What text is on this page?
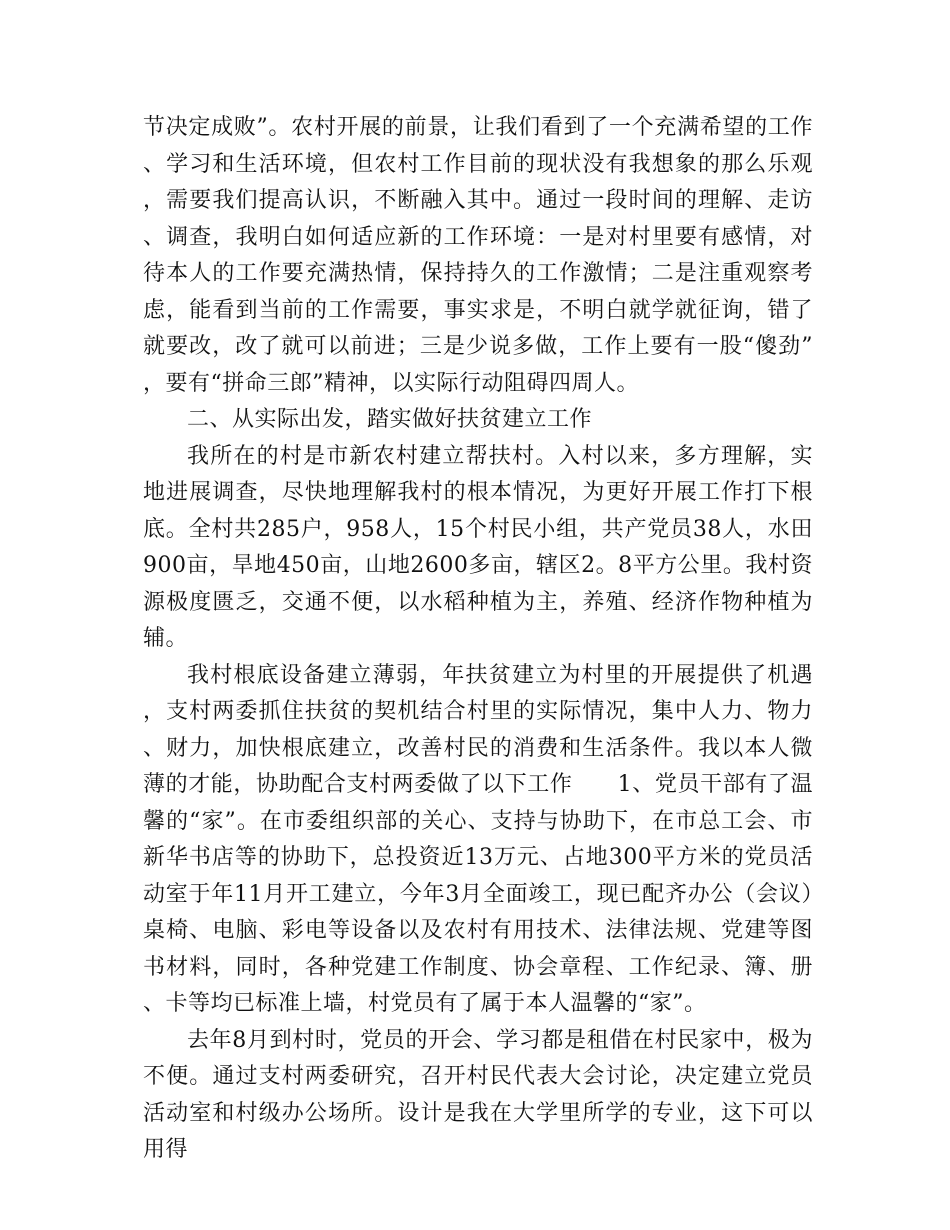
节决定成败”。农村开展的前景，让我们看到了一个充满希望的工作、学习和生活环境，但农村工作目前的现状没有我想象的那么乐观，需要我们提高认识，不断融入其中。通过一段时间的理解、走访、调查，我明白如何适应新的工作环境：一是对村里要有感情，对待本人的工作要充满热情，保持持久的工作激情；二是注重观察考虑，能看到当前的工作需要，事实求是，不明白就学就征询，错了就要改，改了就可以前进；三是少说多做，工作上要有一股“傻劲”，要有“拼命三郎”精神，以实际行动阻碍四周人。

二、从实际出发，踏实做好扶贫建立工作

我所在的村是市新农村建立帮扶村。入村以来，多方理解，实地进展调查，尽快地理解我村的根本情况，为更好开展工作打下根底。全村共285户，958人，15个村民小组，共产党员38人，水田900亩，旱地450亩，山地2600多亩，辖区2。8平方公里。我村资源极度匮乏，交通不便，以水稻种植为主，养殖、经济作物种植为辅。

我村根底设备建立薄弱，年扶贫建立为村里的开展提供了机遇，支村两委抓住扶贫的契机结合村里的实际情况，集中人力、物力、财力，加快根底建立，改善村民的消费和生活条件。我以本人微薄的才能，协助配合支村两委做了以下工作　　1、党员干部有了温馨的“家”。在市委组织部的关心、支持与协助下，在市总工会、市新华书店等的协助下，总投资近13万元、占地300平方米的党员活动室于年11月开工建立，今年3月全面竣工，现已配齐办公（会议）桌椅、电脑、彩电等设备以及农村有用技术、法律法规、党建等图书材料，同时，各种党建工作制度、协会章程、工作纪录、簿、册、卡等均已标准上墙，村党员有了属于本人温馨的“家”。

去年8月到村时，党员的开会、学习都是租借在村民家中，极为不便。通过支村两委研究，召开村民代表大会讨论，决定建立党员活动室和村级办公场所。设计是我在大学里所学的专业，这下可以用得
